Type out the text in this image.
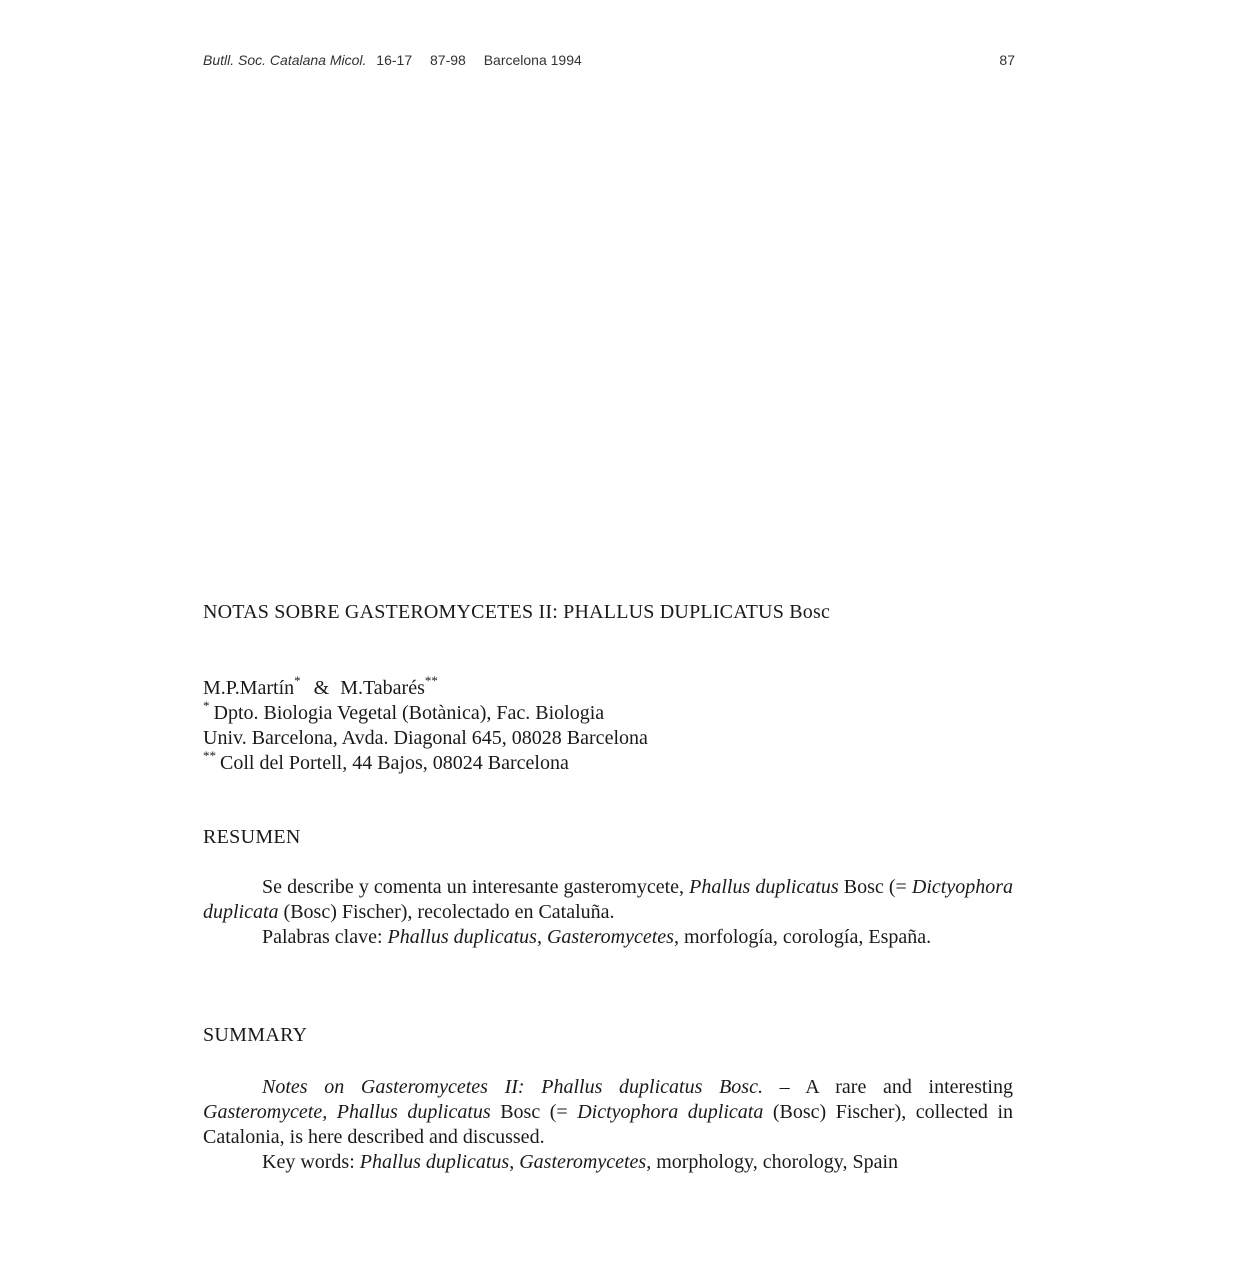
Butll. Soc. Catalana Micol. 16-17 87-98 Barcelona 1994	87
NOTAS SOBRE GASTEROMYCETES II: PHALLUS DUPLICATUS Bosc
M.P.Martín* & M.Tabarés**
* Dpto. Biologia Vegetal (Botànica), Fac. Biologia
Univ. Barcelona, Avda. Diagonal 645, 08028 Barcelona
** Coll del Portell, 44 Bajos, 08024 Barcelona
RESUMEN

Se describe y comenta un interesante gasteromycete, Phallus duplicatus Bosc (= Dictyophora duplicata (Bosc) Fischer), recolectado en Cataluña.

Palabras clave: Phallus duplicatus, Gasteromycetes, morfología, corología, España.

SUMMARY

Notes on Gasteromycetes II: Phallus duplicatus Bosc. – A rare and interesting Gasteromycete, Phallus duplicatus Bosc (= Dictyophora duplicata (Bosc) Fischer), collected in Catalonia, is here described and discussed.

Key words: Phallus duplicatus, Gasteromycetes, morphology, chorology, Spain
